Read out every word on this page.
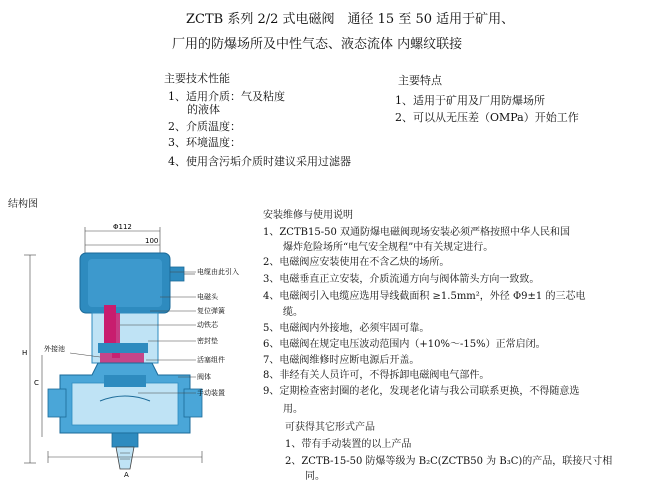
ZCTB 系列 2/2 式电磁阀　通径 15 至 50 适用于矿用、
厂用的防爆场所及中性气态、液态流体 内螺纹联接
主要技术性能
1、适用介质：气及粘度
的液体
2、介质温度：
3、环境温度：
4、使用含污垢介质时建议采用过滤器
主要特点
1、适用于矿用及厂用防爆场所
2、可以从无压差（OMPa）开始工作
结构图
Φ112
100
C
H
A
电缆由此引入
电磁头
复位弹簧
动铁芯
密封垫
活塞组件
阀体
手动装置
外接池
安装维修与使用说明
1、ZCTB15-50 双通防爆电磁阀现场安装必须严格按照中华人民和国
爆炸危险场所“电气安全规程”中有关规定进行。
2、电磁阀应安装使用在不含乙炔的场所。
3、电磁垂直正立安装，介质流通方向与阀体箭头方向一致致。
4、电磁阀引入电缆应选用导线截面积 ≥1.5mm²，外径 Φ9±1 的三芯电
缆。
5、电磁阀内外接地，必须牢固可靠。
6、电磁阀在规定电压波动范围内（+10%～-15%）正常启闭。
7、电磁阀维修时应断电源后开盖。
8、非经有关人员许可，不得拆卸电磁阀电气部件。
9、定期检查密封圈的老化，发现老化请与我公司联系更换，不得随意选
用。
可获得其它形式产品
1、带有手动装置的以上产品
2、ZCTB-15-50 防爆等级为 B₂C(ZCTB50 为 B₃C)的产品，联接尺寸相
同。
